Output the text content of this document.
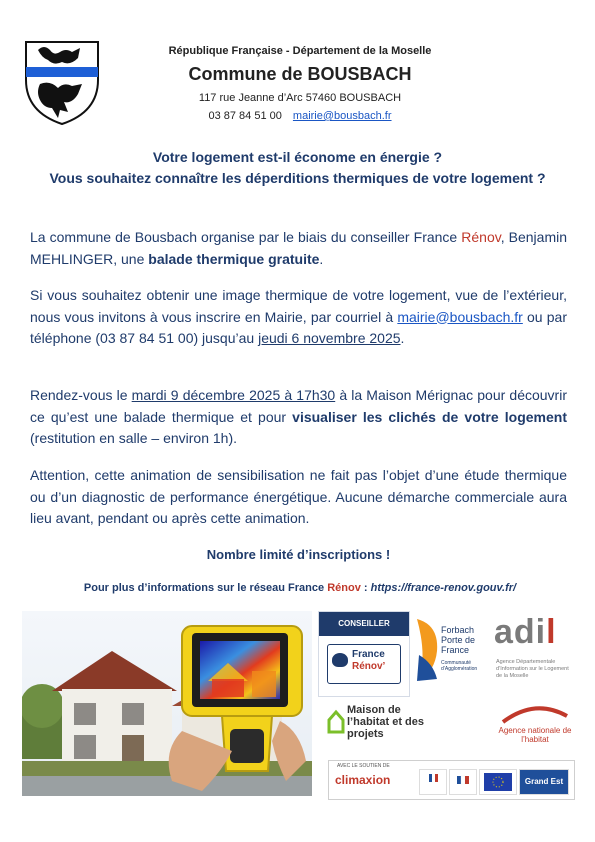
République Française - Département de la Moselle
Commune de BOUSBACH
117 rue Jeanne d’Arc 57460 BOUSBACH
03 87 84 51 00 mairie@bousbach.fr
Votre logement est-il économe en énergie ?
Vous souhaitez connaître les déperditions thermiques de votre logement ?
La commune de Bousbach organise par le biais du conseiller France Rénov, Benjamin MEHLINGER, une balade thermique gratuite.
Si vous souhaitez obtenir une image thermique de votre logement, vue de l’extérieur, nous vous invitons à vous inscrire en Mairie, par courriel à mairie@bousbach.fr ou par téléphone (03 87 84 51 00) jusqu’au jeudi 6 novembre 2025.
Rendez-vous le mardi 9 décembre 2025 à 17h30 à la Maison Mérignac pour découvrir ce qu’est une balade thermique et pour visualiser les clichés de votre logement (restitution en salle – environ 1h).
Attention, cette animation de sensibilisation ne fait pas l’objet d’une étude thermique ou d’un diagnostic de performance énergétique. Aucune démarche commerciale aura lieu avant, pendant ou après cette animation.
Nombre limité d’inscriptions !
Pour plus d’informations sur le réseau France Rénov : https://france-renov.gouv.fr/
CONSEILLER
France
Rénov’
Forbach Porte de France
Communauté d’Agglomération
adil
Agence Départementale d’Information sur le Logement de la Moselle
Maison de l’habitat et des projets	Agence nationale de l’habitat
AVEC LE SOUTIEN DE
climaxion	Grand Est
